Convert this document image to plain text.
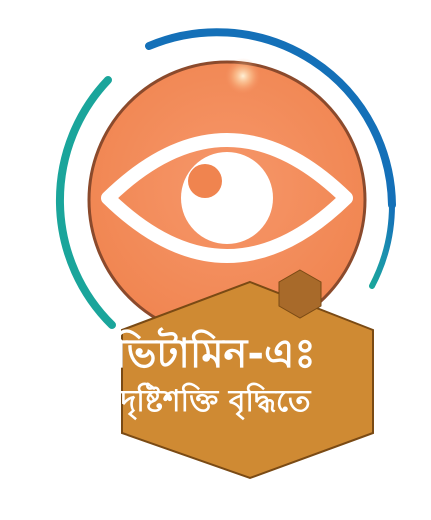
ভিটামিন-এঃ
দৃষ্টিশক্তি বৃদ্ধিতে
